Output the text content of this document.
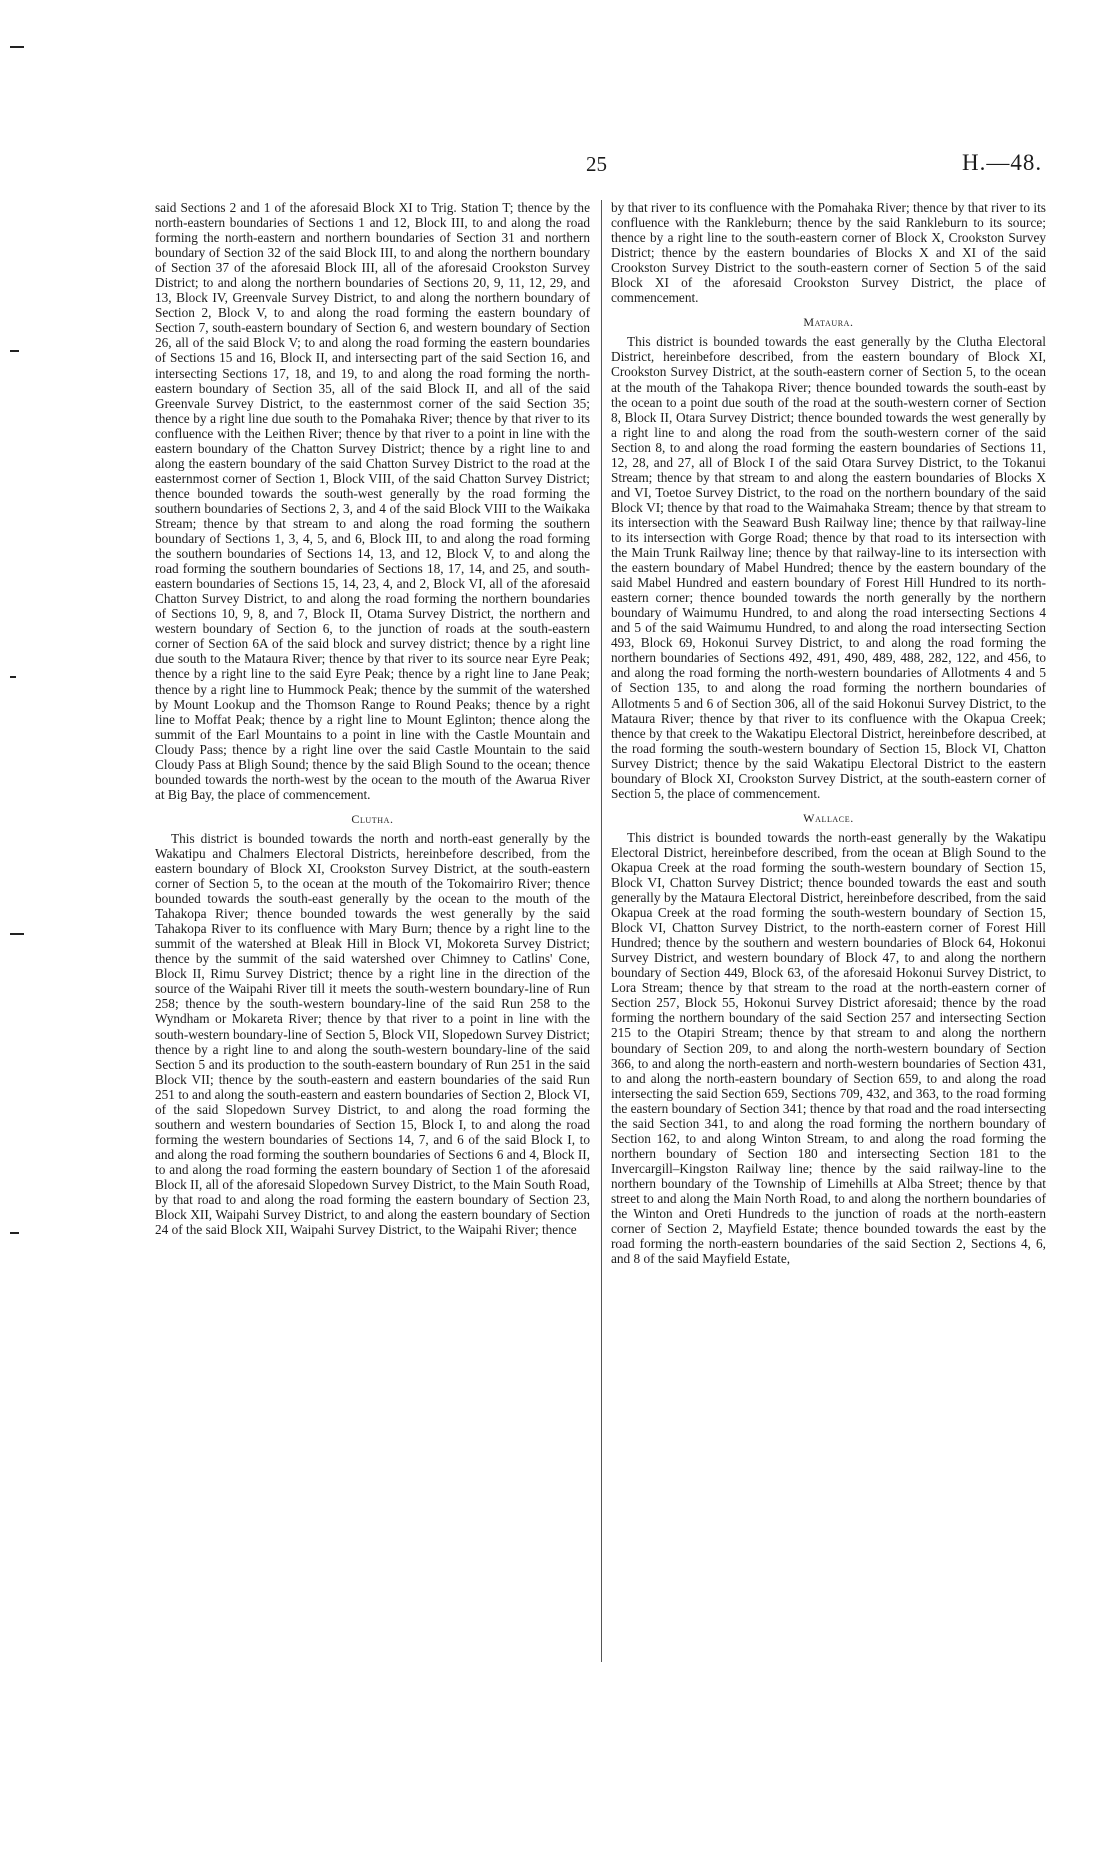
25	H.—48.

said Sections 2 and 1 of the aforesaid Block XI to Trig. Station T; thence by the north-eastern boundaries of Sections 1 and 12, Block III, to and along the road forming the north-eastern and northern boundaries of Section 31 and northern boundary of Section 32 of the said Block III, to and along the northern boundary of Section 37 of the aforesaid Block III, all of the aforesaid Crookston Survey District; to and along the northern boundaries of Sections 20, 9, 11, 12, 29, and 13, Block IV, Greenvale Survey District, to and along the northern boundary of Section 2, Block V, to and along the road forming the eastern boundary of Section 7, south-eastern boundary of Section 6, and western boundary of Section 26, all of the said Block V; to and along the road forming the eastern boundaries of Sections 15 and 16, Block II, and intersecting part of the said Section 16, and intersecting Sections 17, 18, and 19, to and along the road forming the north-eastern boundary of Section 35, all of the said Block II, and all of the said Greenvale Survey District, to the easternmost corner of the said Section 35; thence by a right line due south to the Pomahaka River; thence by that river to its confluence with the Leithen River; thence by that river to a point in line with the eastern boundary of the Chatton Survey District; thence by a right line to and along the eastern boundary of the said Chatton Survey District to the road at the easternmost corner of Section 1, Block VIII, of the said Chatton Survey District; thence bounded towards the south-west generally by the road forming the southern boundaries of Sections 2, 3, and 4 of the said Block VIII to the Waikaka Stream; thence by that stream to and along the road forming the southern boundary of Sections 1, 3, 4, 5, and 6, Block III, to and along the road forming the southern boundaries of Sections 14, 13, and 12, Block V, to and along the road forming the southern boundaries of Sections 18, 17, 14, and 25, and south-eastern boundaries of Sections 15, 14, 23, 4, and 2, Block VI, all of the aforesaid Chatton Survey District, to and along the road forming the northern boundaries of Sections 10, 9, 8, and 7, Block II, Otama Survey District, the northern and western boundary of Section 6, to the junction of roads at the south-eastern corner of Section 6A of the said block and survey district; thence by a right line due south to the Mataura River; thence by that river to its source near Eyre Peak; thence by a right line to the said Eyre Peak; thence by a right line to Jane Peak; thence by a right line to Hummock Peak; thence by the summit of the watershed by Mount Lookup and the Thomson Range to Round Peaks; thence by a right line to Moffat Peak; thence by a right line to Mount Eglinton; thence along the summit of the Earl Mountains to a point in line with the Castle Mountain and Cloudy Pass; thence by a right line over the said Castle Mountain to the said Cloudy Pass at Bligh Sound; thence by the said Bligh Sound to the ocean; thence bounded towards the north-west by the ocean to the mouth of the Awarua River at Big Bay, the place of commencement.

Clutha.

This district is bounded towards the north and north-east generally by the Wakatipu and Chalmers Electoral Districts, hereinbefore described, from the eastern boundary of Block XI, Crookston Survey District, at the south-eastern corner of Section 5, to the ocean at the mouth of the Tokomairiro River; thence bounded towards the south-east generally by the ocean to the mouth of the Tahakopa River; thence bounded towards the west generally by the said Tahakopa River to its confluence with Mary Burn; thence by a right line to the summit of the watershed at Bleak Hill in Block VI, Mokoreta Survey District; thence by the summit of the said watershed over Chimney to Catlins' Cone, Block II, Rimu Survey District; thence by a right line in the direction of the source of the Waipahi River till it meets the south-western boundary-line of Run 258; thence by the south-western boundary-line of the said Run 258 to the Wyndham or Mokareta River; thence by that river to a point in line with the south-western boundary-line of Section 5, Block VII, Slopedown Survey District; thence by a right line to and along the south-western boundary-line of the said Section 5 and its production to the south-eastern boundary of Run 251 in the said Block VII; thence by the south-eastern and eastern boundaries of the said Run 251 to and along the south-eastern and eastern boundaries of Section 2, Block VI, of the said Slopedown Survey District, to and along the road forming the southern and western boundaries of Section 15, Block I, to and along the road forming the western boundaries of Sections 14, 7, and 6 of the said Block I, to and along the road forming the southern boundaries of Sections 6 and 4, Block II, to and along the road forming the eastern boundary of Section 1 of the aforesaid Block II, all of the aforesaid Slopedown Survey District, to the Main South Road, by that road to and along the road forming the eastern boundary of Section 23, Block XII, Waipahi Survey District, to and along the eastern boundary of Section 24 of the said Block XII, Waipahi Survey District, to the Waipahi River; thence

by that river to its confluence with the Pomahaka River; thence by that river to its confluence with the Rankleburn; thence by the said Rankleburn to its source; thence by a right line to the south-eastern corner of Block X, Crookston Survey District; thence by the eastern boundaries of Blocks X and XI of the said Crookston Survey District to the south-eastern corner of Section 5 of the said Block XI of the aforesaid Crookston Survey District, the place of commencement.

Mataura.

This district is bounded towards the east generally by the Clutha Electoral District, hereinbefore described, from the eastern boundary of Block XI, Crookston Survey District, at the south-eastern corner of Section 5, to the ocean at the mouth of the Tahakopa River; thence bounded towards the south-east by the ocean to a point due south of the road at the south-western corner of Section 8, Block II, Otara Survey District; thence bounded towards the west generally by a right line to and along the road from the south-western corner of the said Section 8, to and along the road forming the eastern boundaries of Sections 11, 12, 28, and 27, all of Block I of the said Otara Survey District, to the Tokanui Stream; thence by that stream to and along the eastern boundaries of Blocks X and VI, Toetoe Survey District, to the road on the northern boundary of the said Block VI; thence by that road to the Waimahaka Stream; thence by that stream to its intersection with the Seaward Bush Railway line; thence by that railway-line to its intersection with Gorge Road; thence by that road to its intersection with the Main Trunk Railway line; thence by that railway-line to its intersection with the eastern boundary of Mabel Hundred; thence by the eastern boundary of the said Mabel Hundred and eastern boundary of Forest Hill Hundred to its north-eastern corner; thence bounded towards the north generally by the northern boundary of Waimumu Hundred, to and along the road intersecting Sections 4 and 5 of the said Waimumu Hundred, to and along the road intersecting Section 493, Block 69, Hokonui Survey District, to and along the road forming the northern boundaries of Sections 492, 491, 490, 489, 488, 282, 122, and 456, to and along the road forming the north-western boundaries of Allotments 4 and 5 of Section 135, to and along the road forming the northern boundaries of Allotments 5 and 6 of Section 306, all of the said Hokonui Survey District, to the Mataura River; thence by that river to its confluence with the Okapua Creek; thence by that creek to the Wakatipu Electoral District, hereinbefore described, at the road forming the south-western boundary of Section 15, Block VI, Chatton Survey District; thence by the said Wakatipu Electoral District to the eastern boundary of Block XI, Crookston Survey District, at the south-eastern corner of Section 5, the place of commencement.

Wallace.

This district is bounded towards the north-east generally by the Wakatipu Electoral District, hereinbefore described, from the ocean at Bligh Sound to the Okapua Creek at the road forming the south-western boundary of Section 15, Block VI, Chatton Survey District; thence bounded towards the east and south generally by the Mataura Electoral District, hereinbefore described, from the said Okapua Creek at the road forming the south-western boundary of Section 15, Block VI, Chatton Survey District, to the north-eastern corner of Forest Hill Hundred; thence by the southern and western boundaries of Block 64, Hokonui Survey District, and western boundary of Block 47, to and along the northern boundary of Section 449, Block 63, of the aforesaid Hokonui Survey District, to Lora Stream; thence by that stream to the road at the north-eastern corner of Section 257, Block 55, Hokonui Survey District aforesaid; thence by the road forming the northern boundary of the said Section 257 and intersecting Section 215 to the Otapiri Stream; thence by that stream to and along the northern boundary of Section 209, to and along the north-western boundary of Section 366, to and along the north-eastern and north-western boundaries of Section 431, to and along the north-eastern boundary of Section 659, to and along the road intersecting the said Section 659, Sections 709, 432, and 363, to the road forming the eastern boundary of Section 341; thence by that road and the road intersecting the said Section 341, to and along the road forming the northern boundary of Section 162, to and along Winton Stream, to and along the road forming the northern boundary of Section 180 and intersecting Section 181 to the Invercargill–Kingston Railway line; thence by the said railway-line to the northern boundary of the Township of Limehills at Alba Street; thence by that street to and along the Main North Road, to and along the northern boundaries of the Winton and Oreti Hundreds to the junction of roads at the north-eastern corner of Section 2, Mayfield Estate; thence bounded towards the east by the road forming the north-eastern boundaries of the said Section 2, Sections 4, 6, and 8 of the said Mayfield Estate,
